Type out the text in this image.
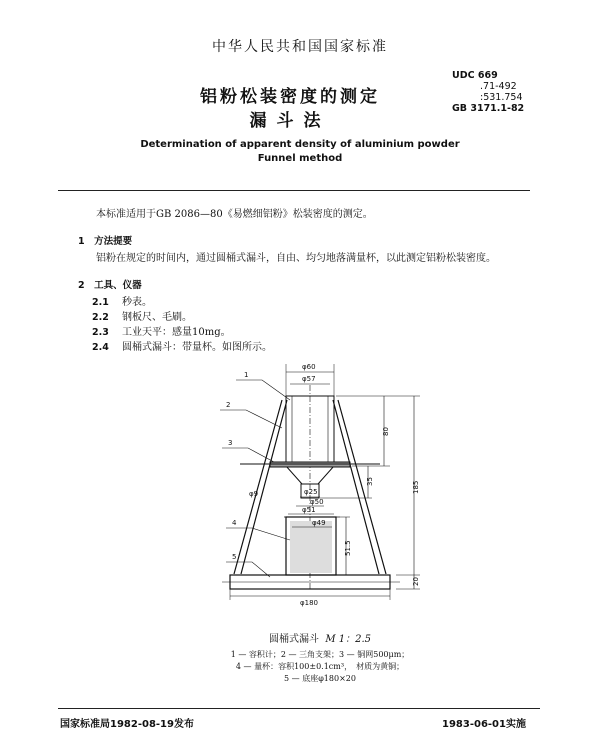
中华人民共和国国家标准
铝粉松装密度的测定
漏斗法
UDC 669
.71-492
:531.754
GB 3171.1-82
Determination of apparent density of aluminium powder
Funnel method
本标准适用于GB 2086—80《易燃细铝粉》松装密度的测定。
1　方法提要
铝粉在规定的时间内，通过圆桶式漏斗，自由、均匀地落满量杯，以此测定铝粉松装密度。
2　工具、仪器
2.1 秒表。
2.2 钢板尺、毛刷。
2.3 工业天平：感量10mg。
2.4 圆桶式漏斗：带量杯。如图所示。
1
2
3
4
5
φ60
φ57
φ25
φ50
φ51
φ49
φ180
φ9
80
35	185
20
51.5
圆桶式漏斗 M 1：2.5
1 — 容积计；2 — 三角支架；3 — 铜网500μm；
4 — 量杯：容积100±0.1cm³，　材质为黄铜；
5 — 底座φ180×20
国家标准局1982-08-19发布	1983-06-01实施
